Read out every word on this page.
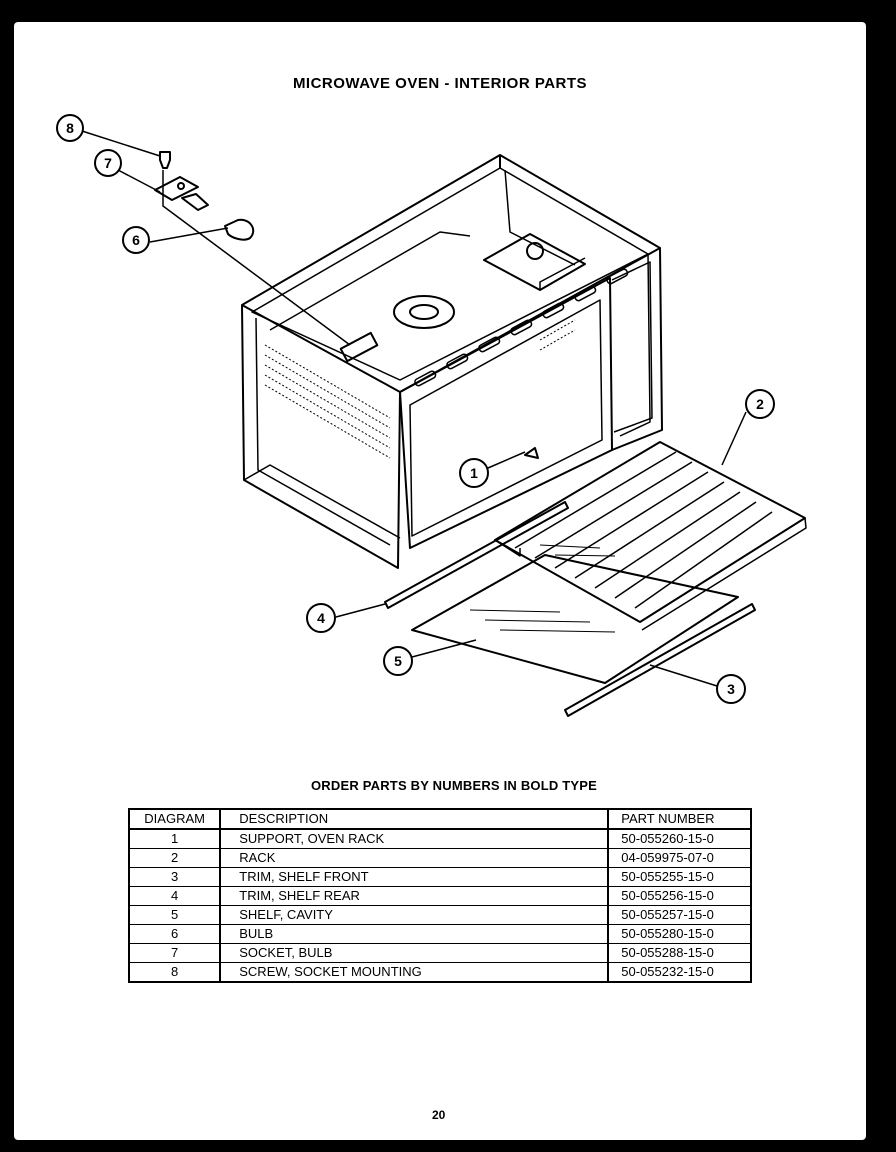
MICROWAVE OVEN - INTERIOR PARTS
8
7
6
1
2
4
5
3
ORDER PARTS BY NUMBERS IN BOLD TYPE
DIAGRAM	DESCRIPTION	PART NUMBER
1	SUPPORT, OVEN RACK	50-055260-15-0
2	RACK	04-059975-07-0
3	TRIM, SHELF FRONT	50-055255-15-0
4	TRIM, SHELF REAR	50-055256-15-0
5	SHELF, CAVITY	50-055257-15-0
6	BULB	50-055280-15-0
7	SOCKET, BULB	50-055288-15-0
8	SCREW, SOCKET MOUNTING	50-055232-15-0
20
